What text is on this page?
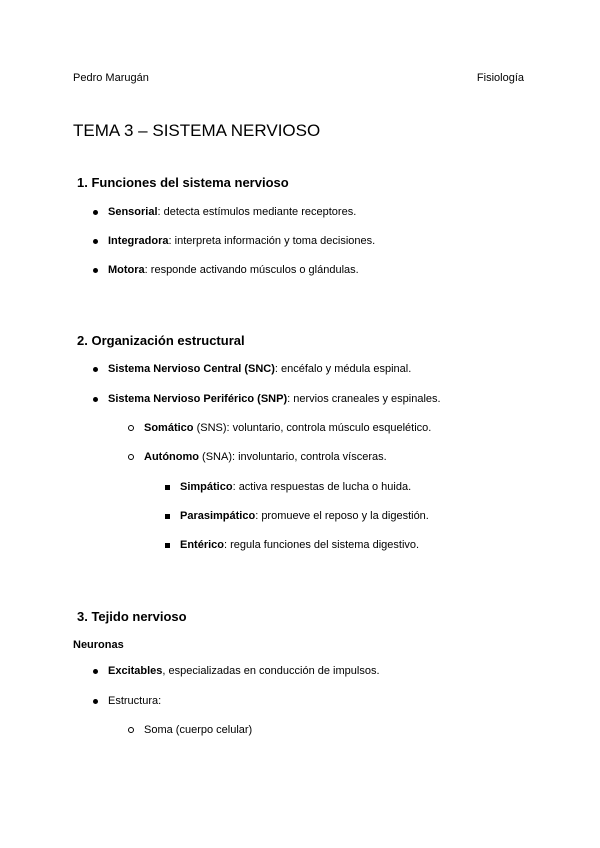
Pedro Marugán	Fisiología
TEMA 3 – SISTEMA NERVIOSO
1. Funciones del sistema nervioso
Sensorial: detecta estímulos mediante receptores.
Integradora: interpreta información y toma decisiones.
Motora: responde activando músculos o glándulas.
2. Organización estructural
Sistema Nervioso Central (SNC): encéfalo y médula espinal.
Sistema Nervioso Periférico (SNP): nervios craneales y espinales.
Somático (SNS): voluntario, controla músculo esquelético.
Autónomo (SNA): involuntario, controla vísceras.
Simpático: activa respuestas de lucha o huida.
Parasimpático: promueve el reposo y la digestión.
Entérico: regula funciones del sistema digestivo.
3. Tejido nervioso
Neuronas
Excitables, especializadas en conducción de impulsos.
Estructura:
Soma (cuerpo celular)
